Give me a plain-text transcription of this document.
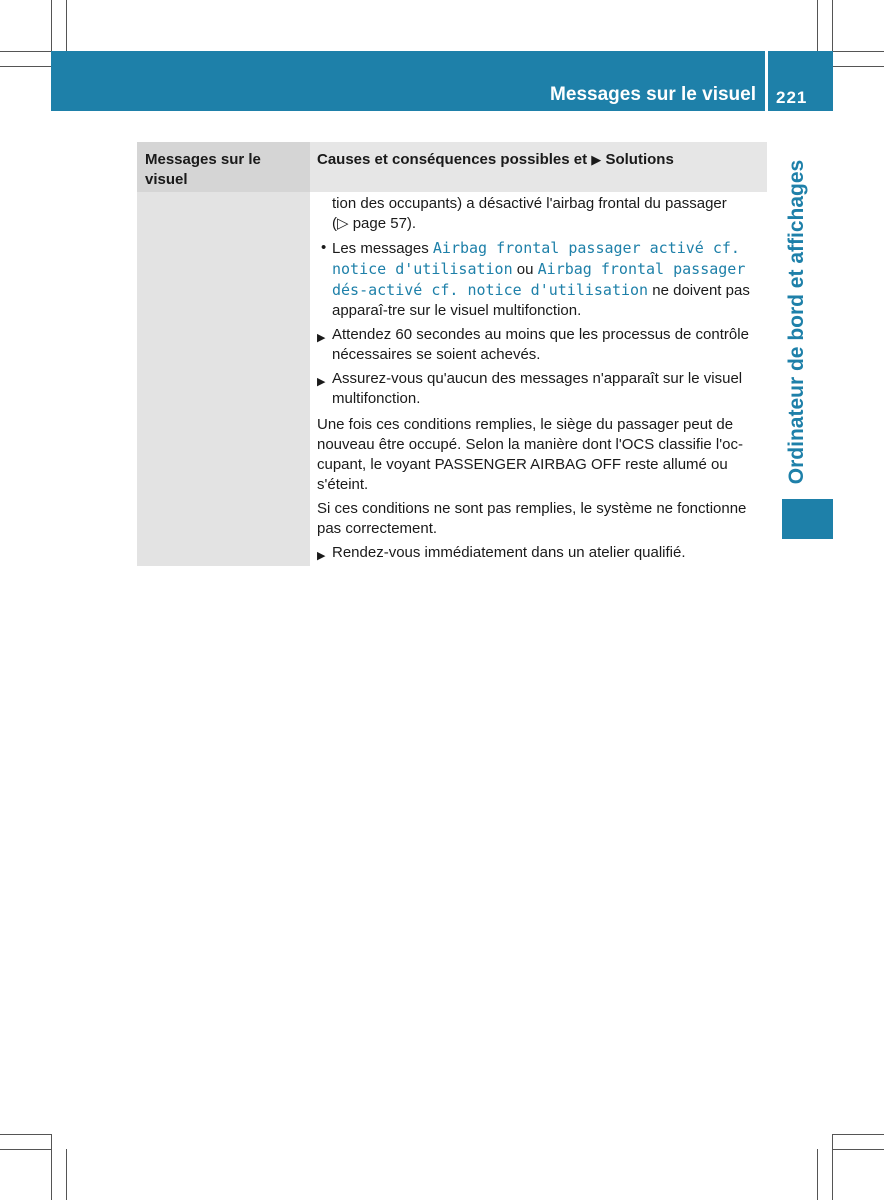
Messages sur le visuel 221
Ordinateur de bord et affichages
Messages sur le visuel
Causes et conséquences possibles et ▶ Solutions

tion des occupants) a désactivé l'airbag frontal du passager
(▷ page 57).

• Les messages Airbag frontal passager activé cf. notice d'utilisation ou Airbag frontal passager dés-activé cf. notice d'utilisation ne doivent pas apparaî-tre sur le visuel multifonction.
▶ Attendez 60 secondes au moins que les processus de contrôle nécessaires se soient achevés.
▶ Assurez-vous qu'aucun des messages n'apparaît sur le visuel multifonction.

Une fois ces conditions remplies, le siège du passager peut de nouveau être occupé. Selon la manière dont l'OCS classifie l'oc-cupant, le voyant PASSENGER AIRBAG OFF reste allumé ou s'éteint.

Si ces conditions ne sont pas remplies, le système ne fonctionne pas correctement.

▶ Rendez-vous immédiatement dans un atelier qualifié.
